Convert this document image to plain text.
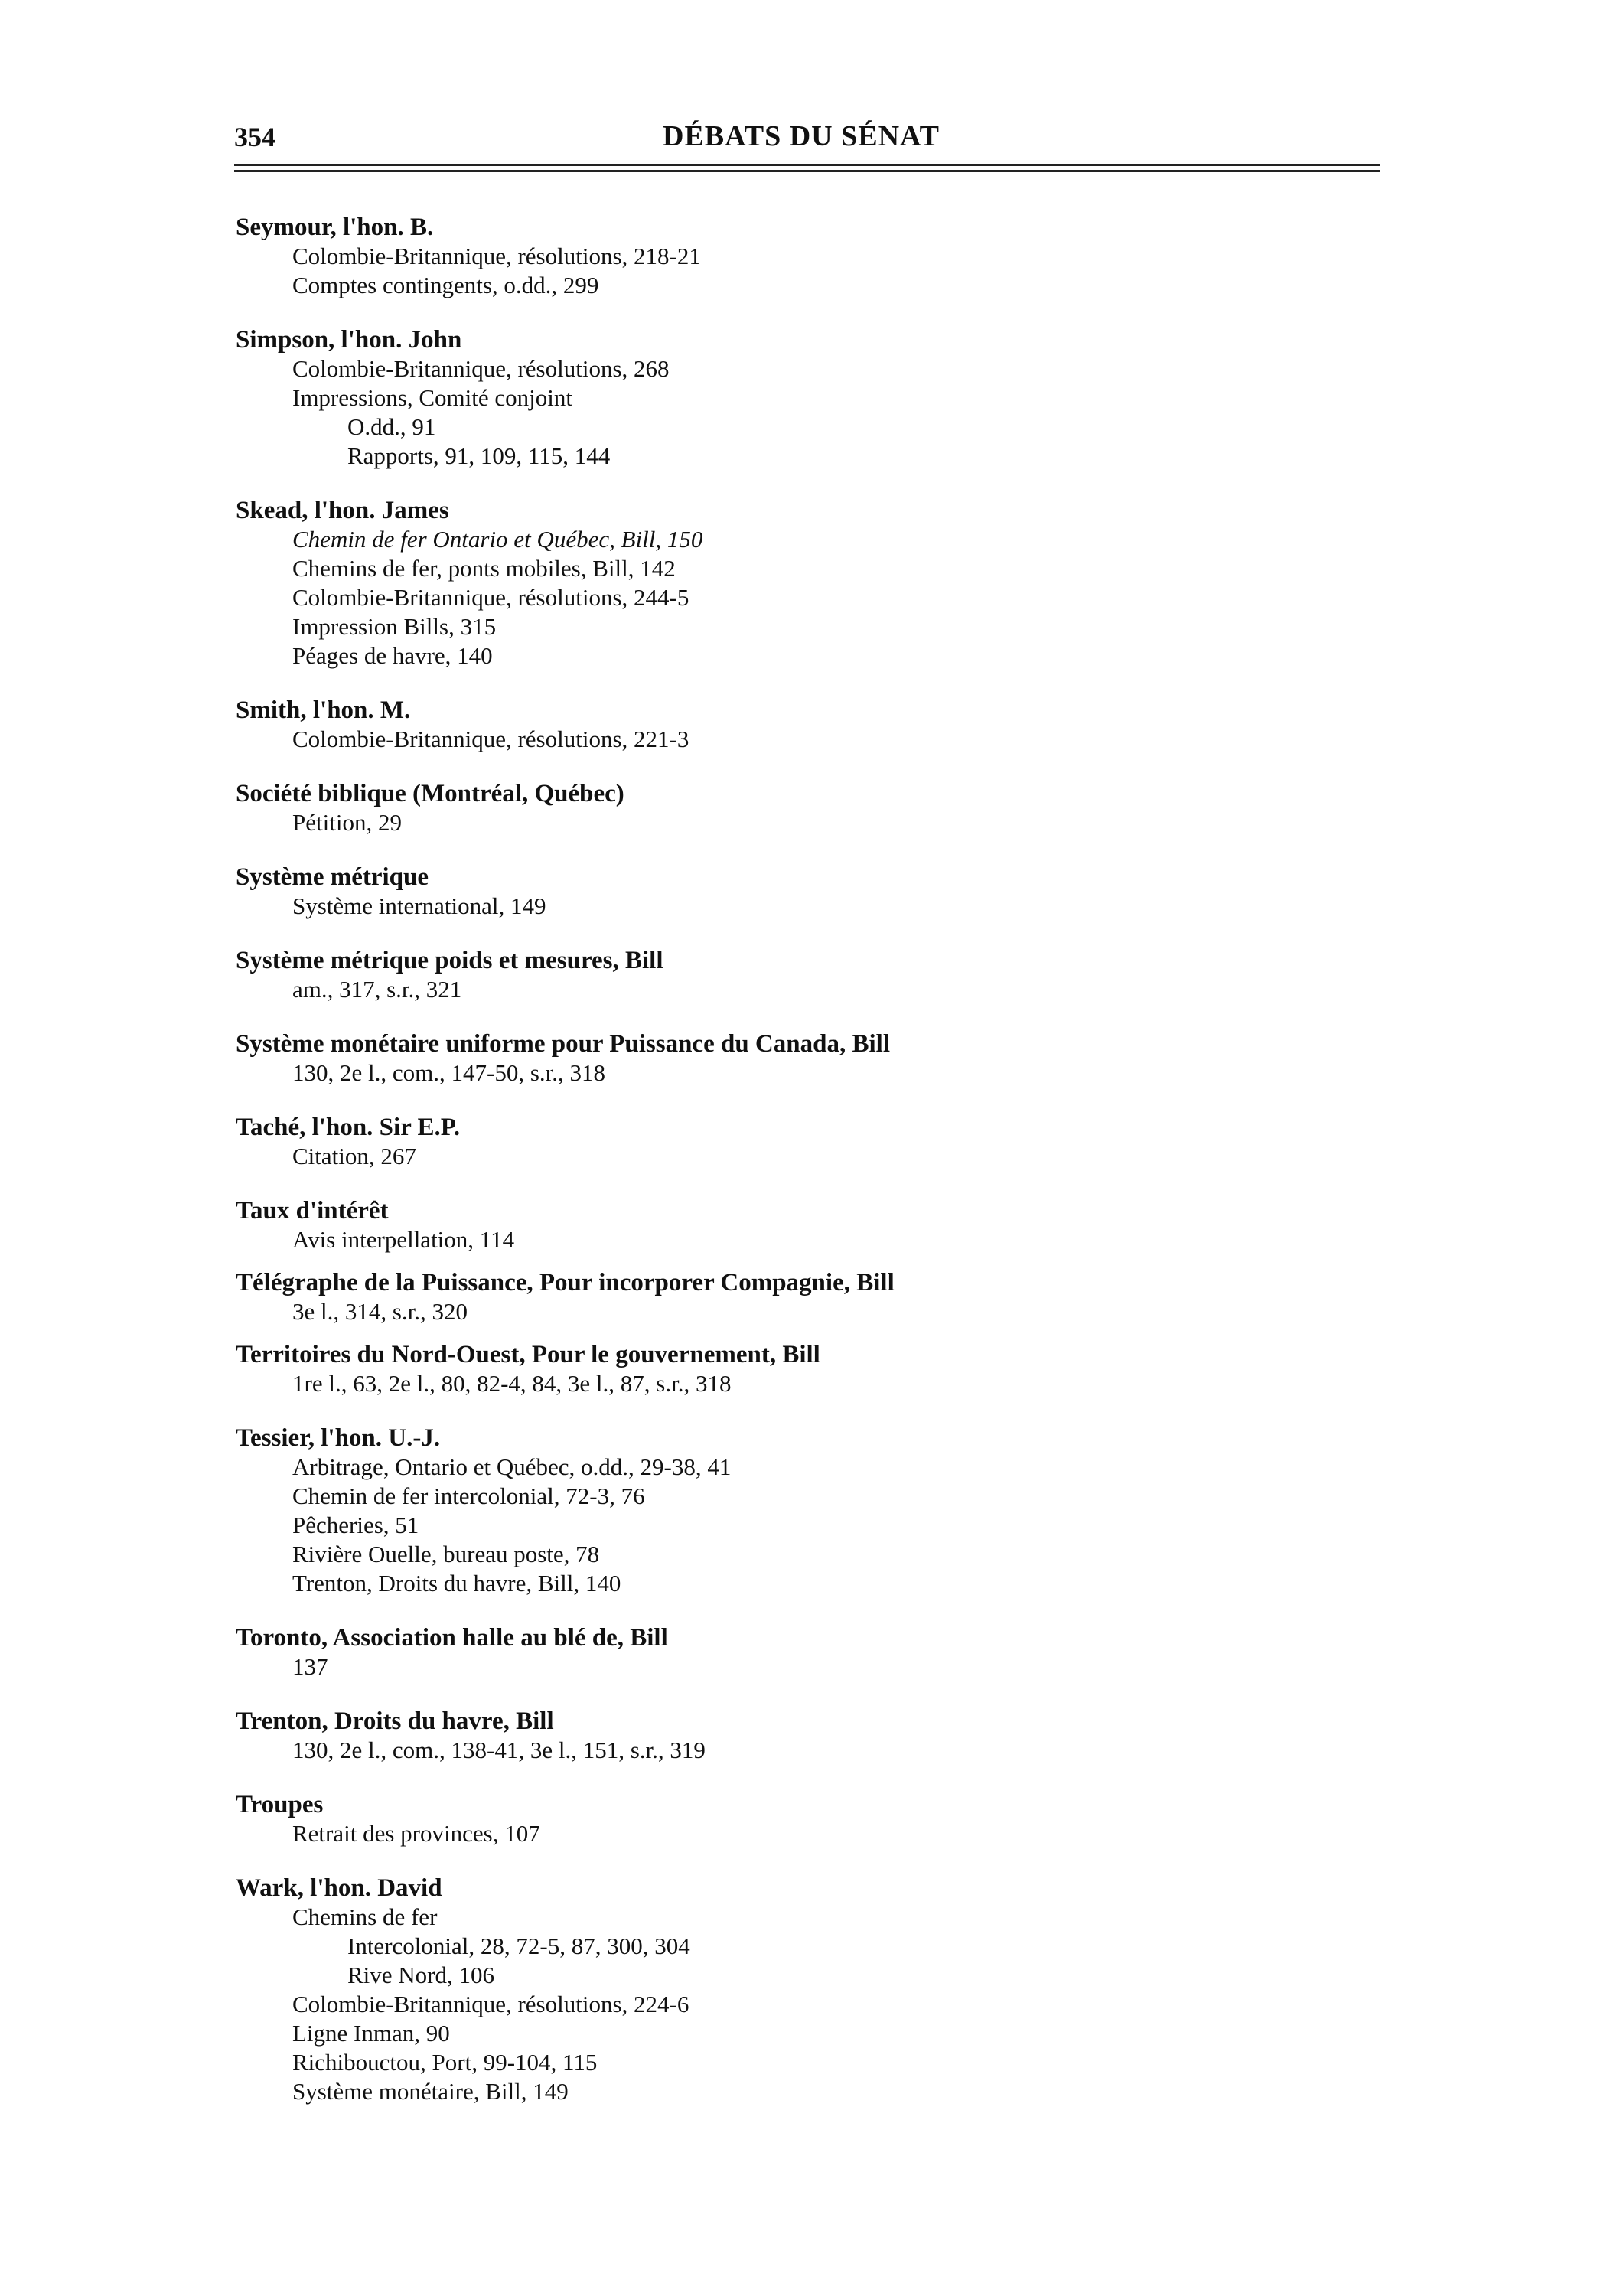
354	DÉBATS DU SÉNAT
Seymour, l'hon. B.
Colombie-Britannique, résolutions, 218-21
Comptes contingents, o.dd., 299
Simpson, l'hon. John
Colombie-Britannique, résolutions, 268
Impressions, Comité conjoint
O.dd., 91
Rapports, 91, 109, 115, 144
Skead, l'hon. James
Chemin de fer Ontario et Québec, Bill, 150
Chemins de fer, ponts mobiles, Bill, 142
Colombie-Britannique, résolutions, 244-5
Impression Bills, 315
Péages de havre, 140
Smith, l'hon. M.
Colombie-Britannique, résolutions, 221-3
Société biblique (Montréal, Québec)
Pétition, 29
Système métrique
Système international, 149
Système métrique poids et mesures, Bill
am., 317, s.r., 321
Système monétaire uniforme pour Puissance du Canada, Bill
130, 2e l., com., 147-50, s.r., 318
Taché, l'hon. Sir E.P.
Citation, 267
Taux d'intérêt
Avis interpellation, 114
Télégraphe de la Puissance, Pour incorporer Compagnie, Bill
3e l., 314, s.r., 320
Territoires du Nord-Ouest, Pour le gouvernement, Bill
1re l., 63, 2e l., 80, 82-4, 84, 3e l., 87, s.r., 318
Tessier, l'hon. U.-J.
Arbitrage, Ontario et Québec, o.dd., 29-38, 41
Chemin de fer intercolonial, 72-3, 76
Pêcheries, 51
Rivière Ouelle, bureau poste, 78
Trenton, Droits du havre, Bill, 140
Toronto, Association halle au blé de, Bill
137
Trenton, Droits du havre, Bill
130, 2e l., com., 138-41, 3e l., 151, s.r., 319
Troupes
Retrait des provinces, 107
Wark, l'hon. David
Chemins de fer
Intercolonial, 28, 72-5, 87, 300, 304
Rive Nord, 106
Colombie-Britannique, résolutions, 224-6
Ligne Inman, 90
Richibouctou, Port, 99-104, 115
Système monétaire, Bill, 149
